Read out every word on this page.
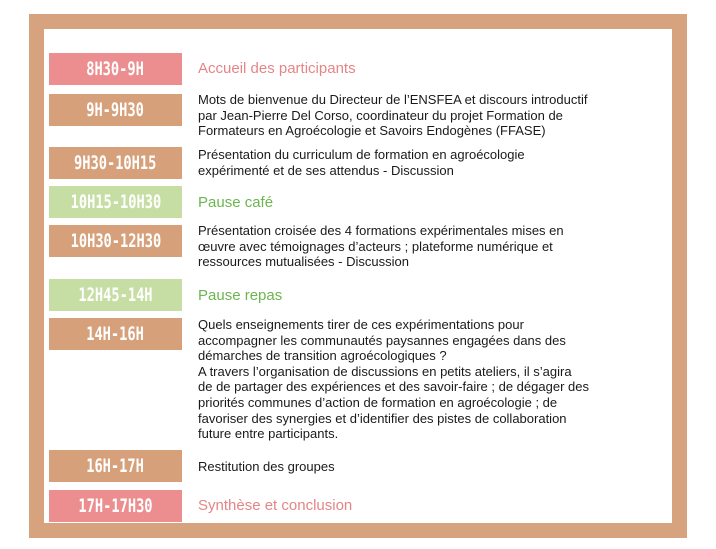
8H30-9H	Accueil des participants
9H-9H30	Mots de bienvenue du Directeur de l’ENSFEA et discours introductif
par Jean-Pierre Del Corso, coordinateur du projet Formation de
Formateurs en Agroécologie et Savoirs Endogènes (FFASE)
9H30-10H15	Présentation du curriculum de formation en agroécologie
expérimenté et de ses attendus - Discussion
10H15-10H30 Pause café
10H30-12H30	Présentation croisée des 4 formations expérimentales mises en
œuvre avec témoignages d’acteurs ; plateforme numérique et
ressources mutualisées - Discussion
12H45-14H	Pause repas
14H-16H	Quels enseignements tirer de ces expérimentations pour
accompagner les communautés paysannes engagées dans des
démarches de transition agroécologiques ?
A travers l’organisation de discussions en petits ateliers, il s’agira
de de partager des expériences et des savoir-faire ; de dégager des
priorités communes d’action de formation en agroécologie ; de
favoriser des synergies et d’identifier des pistes de collaboration
future entre participants.
16H-17H	Restitution des groupes
17H-17H30	Synthèse et conclusion
